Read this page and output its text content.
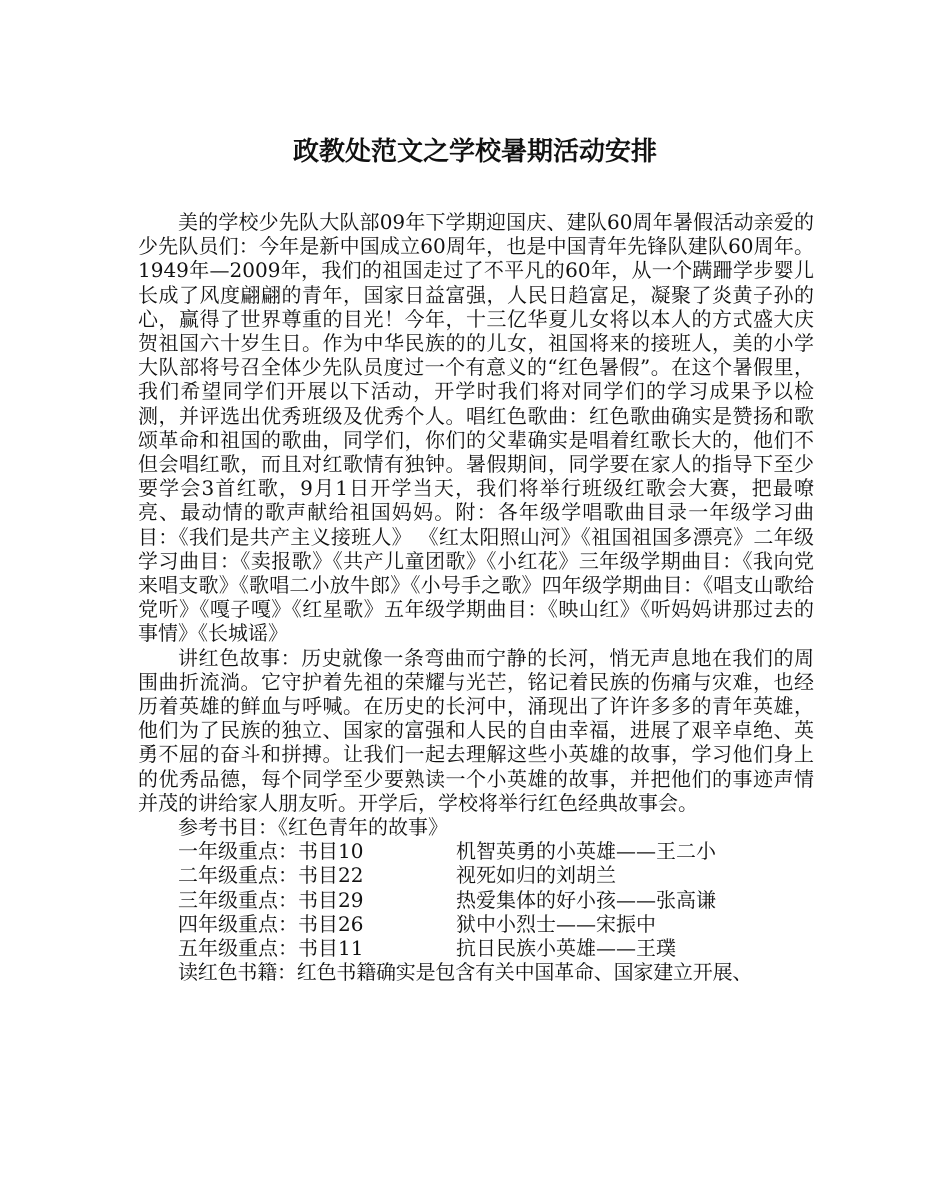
政教处范文之学校暑期活动安排

美的学校少先队大队部09年下学期迎国庆、建队60周年暑假活动亲爱的少先队员们：今年是新中国成立60周年，也是中国青年先锋队建队60周年。1949年—2009年，我们的祖国走过了不平凡的60年，从一个蹒跚学步婴儿长成了风度翩翩的青年，国家日益富强，人民日趋富足，凝聚了炎黄子孙的心，赢得了世界尊重的目光！今年，十三亿华夏儿女将以本人的方式盛大庆贺祖国六十岁生日。作为中华民族的的儿女，祖国将来的接班人，美的小学大队部将号召全体少先队员度过一个有意义的“红色暑假”。在这个暑假里，我们希望同学们开展以下活动，开学时我们将对同学们的学习成果予以检测，并评选出优秀班级及优秀个人。唱红色歌曲：红色歌曲确实是赞扬和歌颂革命和祖国的歌曲，同学们，你们的父辈确实是唱着红歌长大的，他们不但会唱红歌，而且对红歌情有独钟。暑假期间，同学要在家人的指导下至少要学会3首红歌，9月1日开学当天，我们将举行班级红歌会大赛，把最嘹亮、最动情的歌声献给祖国妈妈。附：各年级学唱歌曲目录一年级学习曲目：《我们是共产主义接班人》 《红太阳照山河》《祖国祖国多漂亮》二年级学习曲目：《卖报歌》《共产儿童团歌》《小红花》三年级学期曲目：《我向党来唱支歌》《歌唱二小放牛郎》《小号手之歌》四年级学期曲目：《唱支山歌给党听》《嘎子嘎》《红星歌》五年级学期曲目：《映山红》《听妈妈讲那过去的事情》《长城谣》

讲红色故事：历史就像一条弯曲而宁静的长河，悄无声息地在我们的周围曲折流淌。它守护着先祖的荣耀与光芒，铭记着民族的伤痛与灾难，也经历着英雄的鲜血与呼喊。在历史的长河中，涌现出了许许多多的青年英雄，他们为了民族的独立、国家的富强和人民的自由幸福，进展了艰辛卓绝、英勇不屈的奋斗和拼搏。让我们一起去理解这些小英雄的故事，学习他们身上的优秀品德，每个同学至少要熟读一个小英雄的故事，并把他们的事迹声情并茂的讲给家人朋友听。开学后，学校将举行红色经典故事会。

参考书目：《红色青年的故事》

一年级重点：书目10	机智英勇的小英雄——王二小
二年级重点：书目22	视死如归的刘胡兰
三年级重点：书目29	热爱集体的好小孩——张高谦
四年级重点：书目26	狱中小烈士——宋振中
五年级重点：书目11	抗日民族小英雄——王璞

读红色书籍：红色书籍确实是包含有关中国革命、国家建立开展、
